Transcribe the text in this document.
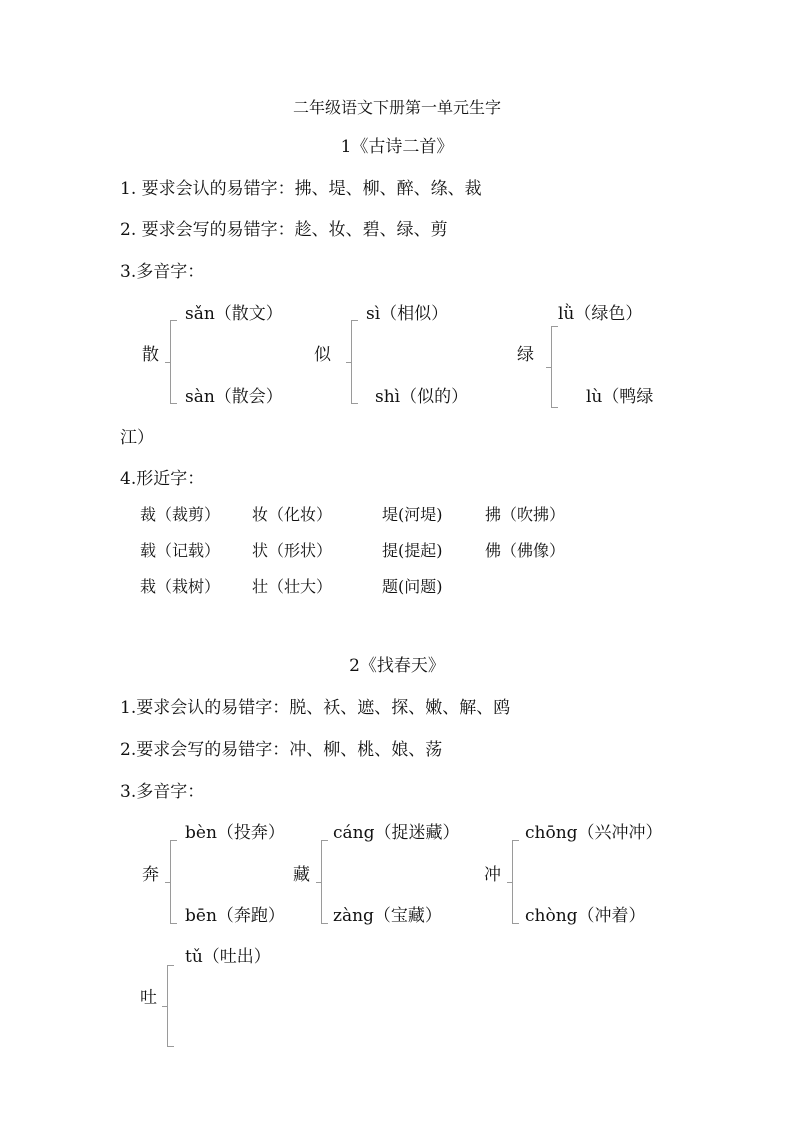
二年级语文下册第一单元生字
1《古诗二首》
1. 要求会认的易错字：拂、堤、柳、醉、绦、裁
2. 要求会写的易错字：趁、妆、碧、绿、剪
3.多音字：
散
sǎn（散文）
sàn（散会）
似
sì（相似）
shì（似的）
绿
lǜ（绿色）
lù（鸭绿
江）
4.形近字：
裁（裁剪） 妆（化妆）	堤(河堤)	拂（吹拂）
载（记载） 状（形状）	提(提起)	佛（佛像）
栽（栽树） 壮（壮大）	题(问题)
2《找春天》
1.要求会认的易错字：脱、袄、遮、探、嫩、解、鸥
2.要求会写的易错字：冲、柳、桃、娘、荡
3.多音字：
奔
bèn（投奔）
bēn（奔跑）
藏
cáng（捉迷藏）
zàng（宝藏）
冲
chōng（兴冲冲）
chòng（冲着）
吐
tǔ（吐出）
